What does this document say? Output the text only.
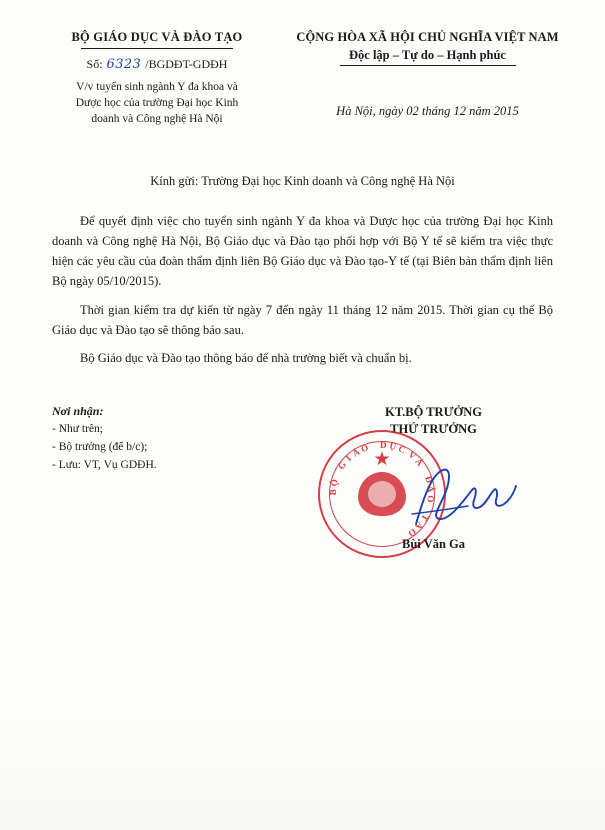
BỘ GIÁO DỤC VÀ ĐÀO TẠO
Số: 6323 /BGDĐT-GDĐH
V/v tuyển sinh ngành Y đa khoa và Dược học của trường Đại học Kinh doanh và Công nghệ Hà Nội
CỘNG HÒA XÃ HỘI CHỦ NGHĨA VIỆT NAM
Độc lập – Tự do – Hạnh phúc
Hà Nội, ngày 02 tháng 12 năm 2015
Kính gửi: Trường Đại học Kinh doanh và Công nghệ Hà Nội

Để quyết định việc cho tuyển sinh ngành Y đa khoa và Dược học của trường Đại học Kinh doanh và Công nghệ Hà Nội, Bộ Giáo dục và Đào tạo phối hợp với Bộ Y tế sẽ kiểm tra việc thực hiện các yêu cầu của đoàn thẩm định liên Bộ Giáo dục và Đào tạo-Y tế (tại Biên bản thẩm định liên Bộ ngày 05/10/2015).

Thời gian kiểm tra dự kiến từ ngày 7 đến ngày 11 tháng 12 năm 2015. Thời gian cụ thể Bộ Giáo dục và Đào tạo sẽ thông báo sau.

Bộ Giáo dục và Đào tạo thông báo để nhà trường biết và chuẩn bị.

Nơi nhận:
- Như trên;
- Bộ trưởng (để b/c);
- Lưu: VT, Vụ GDĐH.
KT.BỘ TRƯỞNG
THỨ TRƯỞNG
★
B
Ộ

G
I
Á
O
D Ụ C
V
À

Đ
À
O

T
Ạ
O
Bùi Văn Ga
